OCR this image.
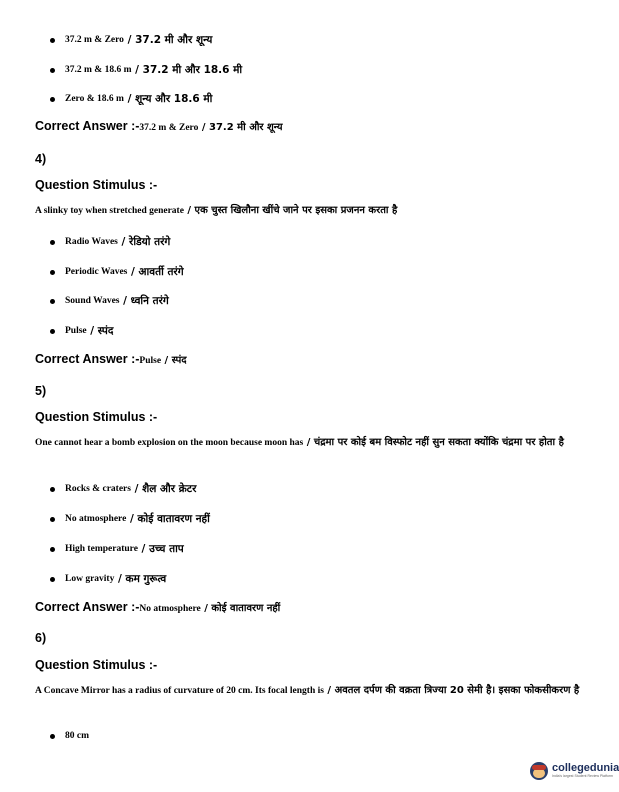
37.2 m & Zero / 37.2 मी और शून्य
37.2 m & 18.6 m / 37.2 मी और 18.6 मी
Zero & 18.6 m / शून्य और 18.6 मी
Correct Answer :- 37.2 m & Zero / 37.2 मी और शून्य
4)
Question Stimulus :-
A slinky toy when stretched generate / एक चुस्त खिलौना खींचे जाने पर इसका प्रजनन करता है
Radio Waves / रेडियो तरंगे
Periodic Waves / आवर्ती तरंगे
Sound Waves / ध्वनि तरंगे
Pulse / स्पंद
Correct Answer :- Pulse / स्पंद
5)
Question Stimulus :-
One cannot hear a bomb explosion on the moon because moon has / चंद्रमा पर कोई बम विस्फोट नहीं सुन सकता क्योंकि चंद्रमा पर होता है
Rocks & craters / शैल और क्रेटर
No atmosphere / कोई वातावरण नहीं
High temperature / उच्च ताप
Low gravity / कम गुरूत्व
Correct Answer :- No atmosphere / कोई वातावरण नहीं
6)
Question Stimulus :-
A Concave Mirror has a radius of curvature of 20 cm. Its focal length is / अवतल दर्पण की वक्रता त्रिज्या 20 सेमी है। इसका फोकसीकरण है
80 cm
collegedunia
India's largest Student Review Platform
